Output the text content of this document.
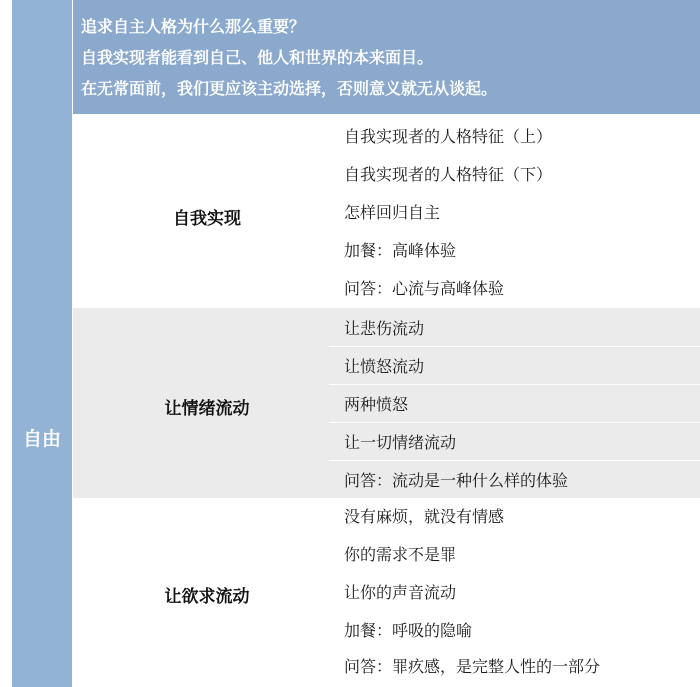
自由
追求自主人格为什么那么重要？
自我实现者能看到自己、他人和世界的本来面目。
在无常面前，我们更应该主动选择，否则意义就无从谈起。
自我实现
自我实现者的人格特征（上）
自我实现者的人格特征（下）
怎样回归自主
加餐：高峰体验
问答：心流与高峰体验
让情绪流动
让悲伤流动
让愤怒流动
两种愤怒
让一切情绪流动
问答：流动是一种什么样的体验
让欲求流动
没有麻烦，就没有情感
你的需求不是罪
让你的声音流动
加餐：呼吸的隐喻
问答：罪疚感，是完整人性的一部分
